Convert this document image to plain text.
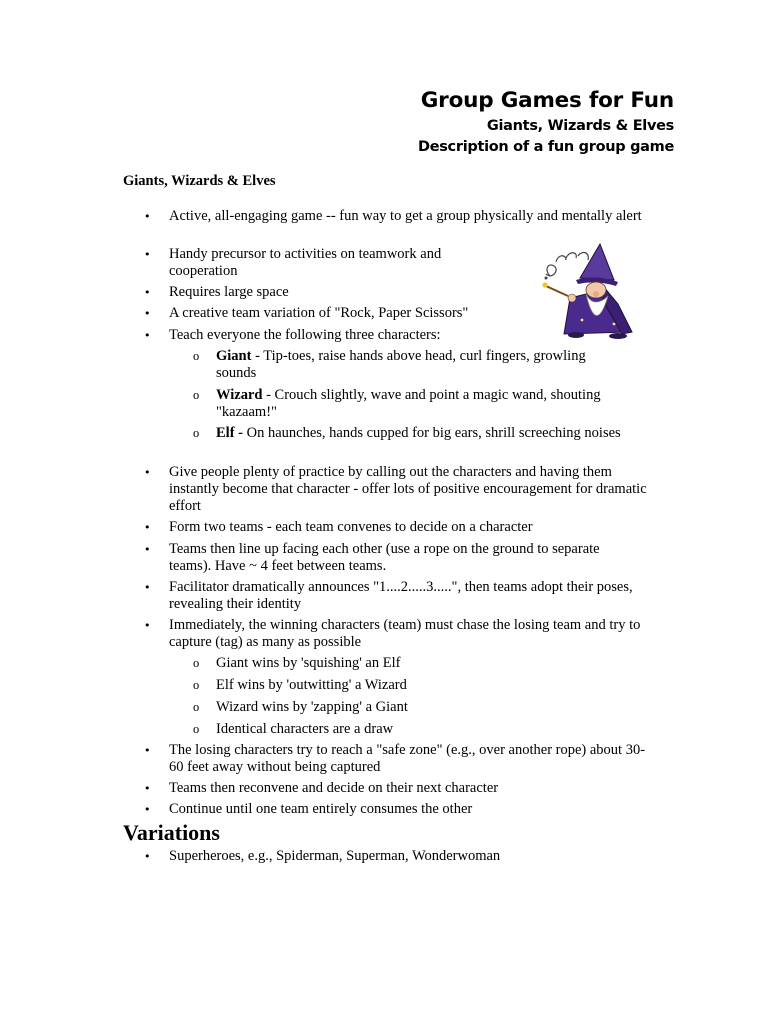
Group Games for Fun
Giants, Wizards & Elves
Description of a fun group game
Giants, Wizards & Elves
• Active, all-engaging game -- fun way to get a group physically and mentally alert
• Handy precursor to activities on teamwork and cooperation
• Requires large space
• A creative team variation of "Rock, Paper Scissors"
• Teach everyone the following three characters:
o Giant - Tip-toes, raise hands above head, curl fingers, growling sounds
o Wizard - Crouch slightly, wave and point a magic wand, shouting "kazaam!"
o Elf - On haunches, hands cupped for big ears, shrill screeching noises
• Give people plenty of practice by calling out the characters and having them instantly become that character - offer lots of positive encouragement for dramatic effort
• Form two teams - each team convenes to decide on a character
• Teams then line up facing each other (use a rope on the ground to separate teams). Have ~ 4 feet between teams.
• Facilitator dramatically announces "1....2.....3.....", then teams adopt their poses, revealing their identity
• Immediately, the winning characters (team) must chase the losing team and try to capture (tag) as many as possible
o Giant wins by 'squishing' an Elf
o Elf wins by 'outwitting' a Wizard
o Wizard wins by 'zapping' a Giant
o Identical characters are a draw
• The losing characters try to reach a "safe zone" (e.g., over another rope) about 30-60 feet away without being captured
• Teams then reconvene and decide on their next character
• Continue until one team entirely consumes the other
Variations
• Superheroes, e.g., Spiderman, Superman, Wonderwoman
